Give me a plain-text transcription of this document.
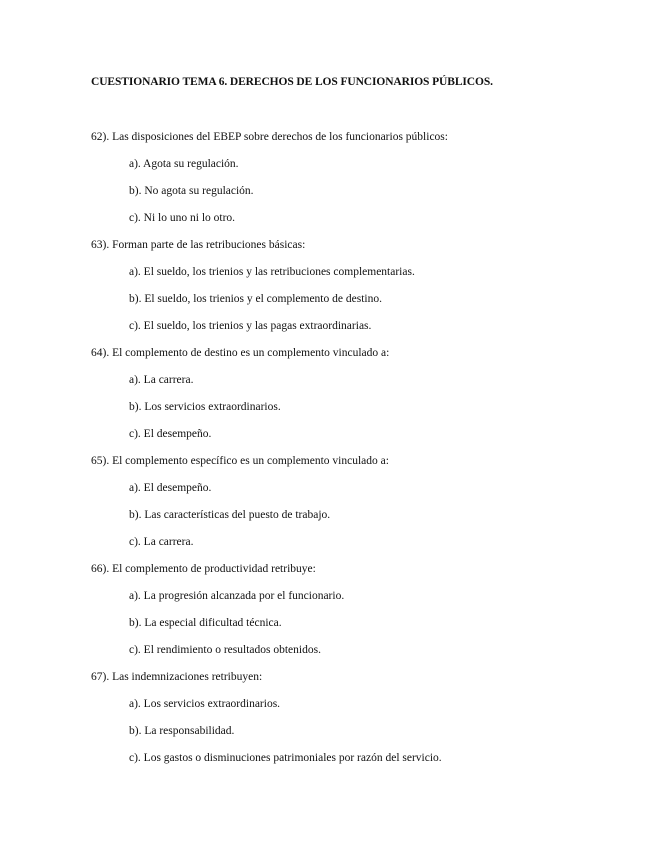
CUESTIONARIO TEMA 6. DERECHOS DE LOS FUNCIONARIOS PÚBLICOS.
62). Las disposiciones del EBEP sobre derechos de los funcionarios públicos:
a). Agota su regulación.
b). No agota su regulación.
c). Ni lo uno ni lo otro.
63). Forman parte de las retribuciones básicas:
a). El sueldo, los trienios y las retribuciones complementarias.
b). El sueldo, los trienios y el complemento de destino.
c). El sueldo, los trienios y las pagas extraordinarias.
64). El complemento de destino es un complemento vinculado a:
a). La carrera.
b). Los servicios extraordinarios.
c). El desempeño.
65). El complemento específico es un complemento vinculado a:
a). El desempeño.
b). Las características del puesto de trabajo.
c). La carrera.
66). El complemento de productividad retribuye:
a). La progresión alcanzada por el funcionario.
b). La especial dificultad técnica.
c). El rendimiento o resultados obtenidos.
67). Las indemnizaciones retribuyen:
a). Los servicios extraordinarios.
b). La responsabilidad.
c). Los gastos o disminuciones patrimoniales por razón del servicio.
